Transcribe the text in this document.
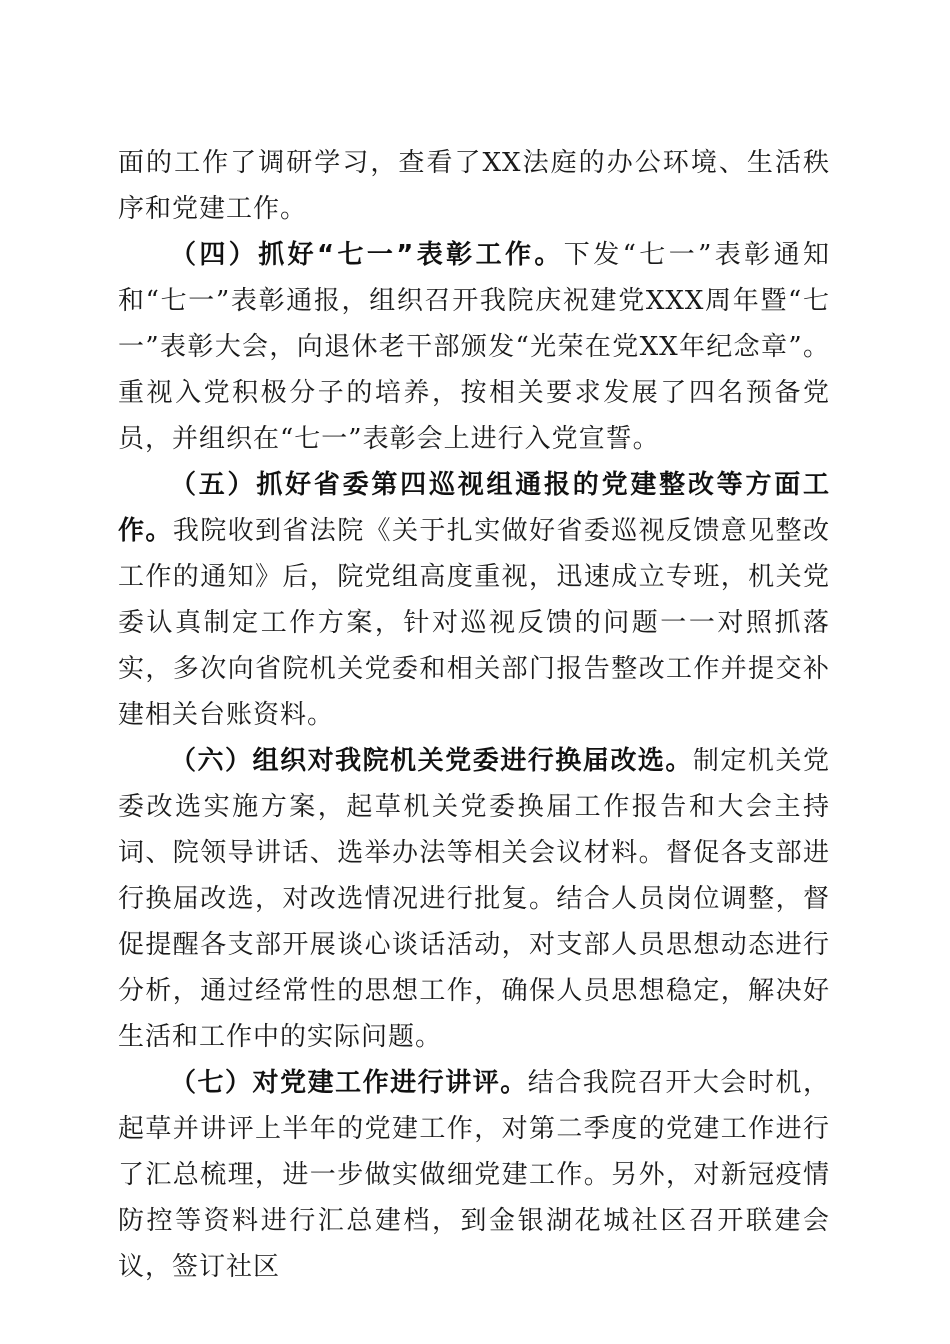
面的工作了调研学习，查看了XX法庭的办公环境、生活秩序和党建工作。

（四）抓好“七一”表彰工作。下发“七一”表彰通知和“七一”表彰通报，组织召开我院庆祝建党XXX周年暨“七一”表彰大会，向退休老干部颁发“光荣在党XX年纪念章”。重视入党积极分子的培养，按相关要求发展了四名预备党员，并组织在“七一”表彰会上进行入党宣誓。

（五）抓好省委第四巡视组通报的党建整改等方面工作。我院收到省法院《关于扎实做好省委巡视反馈意见整改工作的通知》后，院党组高度重视，迅速成立专班，机关党委认真制定工作方案，针对巡视反馈的问题一一对照抓落实，多次向省院机关党委和相关部门报告整改工作并提交补建相关台账资料。

（六）组织对我院机关党委进行换届改选。制定机关党委改选实施方案，起草机关党委换届工作报告和大会主持词、院领导讲话、选举办法等相关会议材料。督促各支部进行换届改选，对改选情况进行批复。结合人员岗位调整，督促提醒各支部开展谈心谈话活动，对支部人员思想动态进行分析，通过经常性的思想工作，确保人员思想稳定，解决好生活和工作中的实际问题。

（七）对党建工作进行讲评。结合我院召开大会时机，起草并讲评上半年的党建工作，对第二季度的党建工作进行了汇总梳理，进一步做实做细党建工作。另外，对新冠疫情防控等资料进行汇总建档，到金银湖花城社区召开联建会议，签订社区
